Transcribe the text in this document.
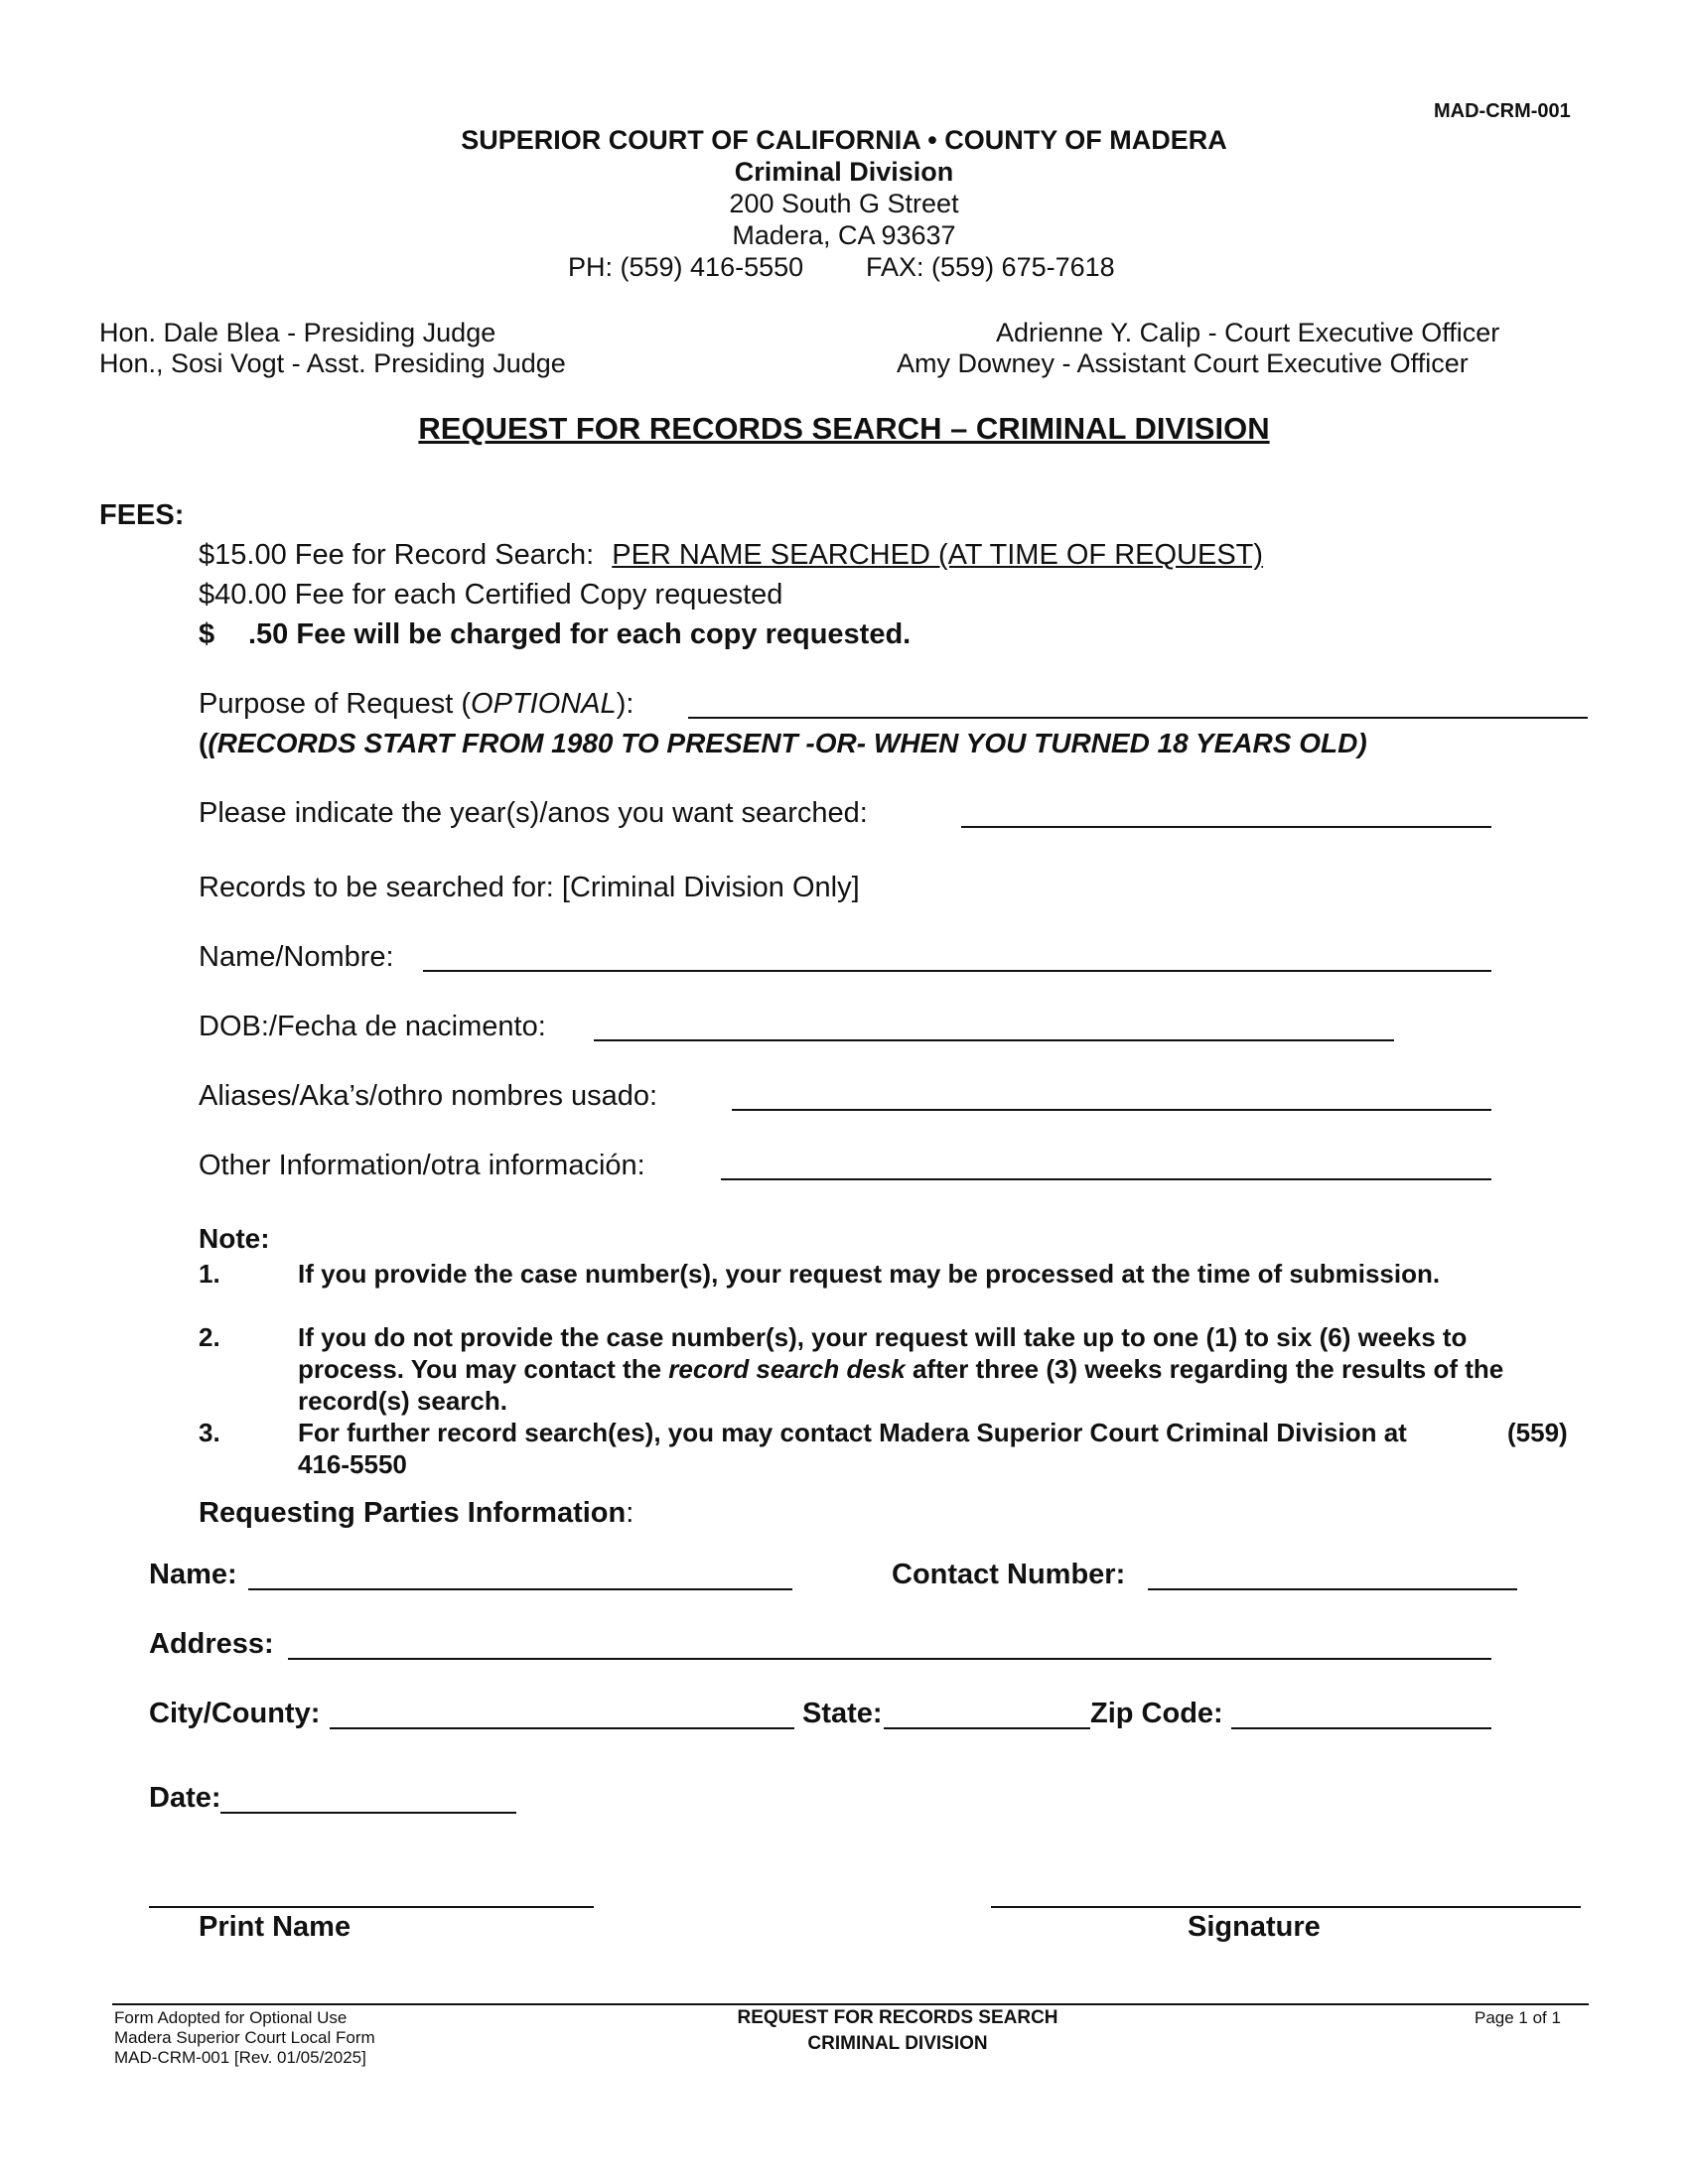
MAD-CRM-001
SUPERIOR COURT OF CALIFORNIA • COUNTY OF MADERA
Criminal Division
200 South G Street
Madera, CA 93637
PH: (559) 416-5550 FAX: (559) 675-7618
Hon. Dale Blea - Presiding Judge
Hon., Sosi Vogt - Asst. Presiding Judge
Adrienne Y. Calip - Court Executive Officer
Amy Downey - Assistant Court Executive Officer
REQUEST FOR RECORDS SEARCH – CRIMINAL DIVISION
FEES:
$15.00 Fee for Record Search: PER NAME SEARCHED (AT TIME OF REQUEST)
$40.00 Fee for each Certified Copy requested
$ .50 Fee will be charged for each copy requested.
Purpose of Request (OPTIONAL):
((RECORDS START FROM 1980 TO PRESENT -OR- WHEN YOU TURNED 18 YEARS OLD)
Please indicate the year(s)/anos you want searched:
Records to be searched for: [Criminal Division Only]
Name/Nombre:
DOB:/Fecha de nacimento:
Aliases/Aka’s/othro nombres usado:
Other Information/otra información:
Note:
1.	If you provide the case number(s), your request may be processed at the time of submission.
2.	If you do not provide the case number(s), your request will take up to one (1) to six (6) weeks to
process. You may contact the record search desk after three (3) weeks regarding the results of the
record(s) search.
3.	For further record search(es), you may contact Madera Superior Court Criminal Division at	(559)
416-5550
Requesting Parties Information:
Name:	Contact Number:
Address:
City/County:	State:	Zip Code:
Date:
Print Name	Signature
Form Adopted for Optional Use
Madera Superior Court Local Form
MAD-CRM-001 [Rev. 01/05/2025]
REQUEST FOR RECORDS SEARCH
CRIMINAL DIVISION
Page 1 of 1
